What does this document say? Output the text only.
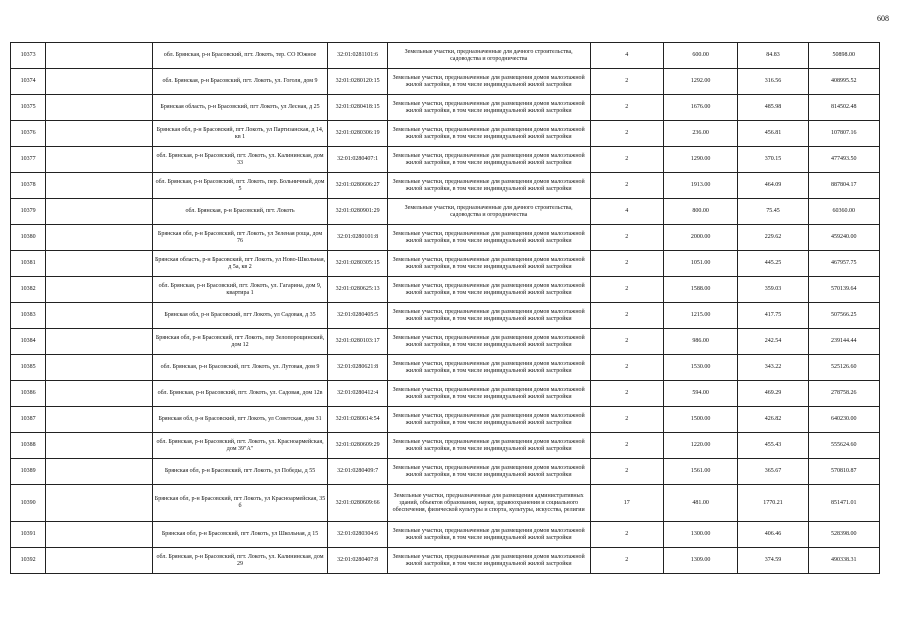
608
10373		обл. Брянская, р-н Брасовский, пгт. Локоть, тер. СО Южное	32:01:0281101:6	Земельные участки, предназначенные для дачного строительства, садоводства и огородничества	4	600.00	84.83	50898.00
10374		обл. Брянская, р-н Брасовский, пгт. Локоть, ул. Гоголя, дом 9	32:01:0280120:15	Земельные участки, предназначенные для размещения домов малоэтажной жилой застройки, в том числе индивидуальной жилой застройки	2	1292.00	316.56	408995.52
10375		Брянская область, р-н Брасовский, пгт Локоть, ул Лесная, д 25	32:01:0280418:15	Земельные участки, предназначенные для размещения домов малоэтажной жилой застройки, в том числе индивидуальной жилой застройки	2	1676.00	485.98	814502.48
10376		Брянская обл, р-н Брасовский, пгт Локоть, ул Партизанская, д 14, кв 1	32:01:0280306:19	Земельные участки, предназначенные для размещения домов малоэтажной жилой застройки, в том числе индивидуальной жилой застройки	2	236.00	456.81	107807.16
10377		обл. Брянская, р-н Брасовский, пгт. Локоть, ул. Калининская, дом 33	32:01:0280407:1	Земельные участки, предназначенные для размещения домов малоэтажной жилой застройки, в том числе индивидуальной жилой застройки	2	1290.00	370.15	477493.50
10378		обл. Брянская, р-н Брасовский, пгт. Локоть, пер. Больничный, дом 5	32:01:0280606:27	Земельные участки, предназначенные для размещения домов малоэтажной жилой застройки, в том числе индивидуальной жилой застройки	2	1913.00	464.09	887804.17
10379		обл. Брянская, р-н Брасовский, пгт. Локоть	32:01:0280901:29	Земельные участки, предназначенные для дачного строительства, садоводства и огородничества	4	800.00	75.45	60360.00
10380		Брянская обл, р-н Брасовский, пгт Локоть, ул Зеленая роща, дом 76	32:01:0280101:8	Земельные участки, предназначенные для размещения домов малоэтажной жилой застройки, в том числе индивидуальной жилой застройки	2	2000.00	229.62	459240.00
10381		Брянская область, р-н Брасовский, пгт Локоть, ул Ново-Школьная, д 5а, кв 2	32:01:0280305:15	Земельные участки, предназначенные для размещения домов малоэтажной жилой застройки, в том числе индивидуальной жилой застройки	2	1051.00	445.25	467957.75
10382		обл. Брянская, р-н Брасовский, пгт. Локоть, ул. Гагарина, дом 9, квартира 1	32:01:0280625:13	Земельные участки, предназначенные для размещения домов малоэтажной жилой застройки, в том числе индивидуальной жилой застройки	2	1588.00	359.03	570139.64
10383		Брянская обл, р-н Брасовский, пгт Локоть, ул Садовая, д 35	32:01:0280405:5	Земельные участки, предназначенные для размещения домов малоэтажной жилой застройки, в том числе индивидуальной жилой застройки	2	1215.00	417.75	507566.25
10384		Брянская обл, р-н Брасовский, пгт Локоть, пер Зелопорощинский, дом 12	32:01:0280103:17	Земельные участки, предназначенные для размещения домов малоэтажной жилой застройки, в том числе индивидуальной жилой застройки	2	986.00	242.54	239144.44
10385		обл. Брянская, р-н Брасовский, пгт. Локоть, ул. Лутовая, дом 9	32:01:0280621:8	Земельные участки, предназначенные для размещения домов малоэтажной жилой застройки, в том числе индивидуальной жилой застройки	2	1530.00	343.22	525126.60
10386		обл. Брянская, р-н Брасовский, пгт. Локоть, ул. Садовая, дом 12в	32:01:0280412:4	Земельные участки, предназначенные для размещения домов малоэтажной жилой застройки, в том числе индивидуальной жилой застройки	2	594.00	469.29	278758.26
10387		Брянская обл, р-н Брасовский, пгт Локоть, ул Советская, дом 31	32:01:0280614:54	Земельные участки, предназначенные для размещения домов малоэтажной жилой застройки, в том числе индивидуальной жилой застройки	2	1500.00	426.82	640230.00
10388		обл. Брянская, р-н Брасовский, пгт. Локоть, ул. Красноармейская, дом 39"А"	32:01:0280609:29	Земельные участки, предназначенные для размещения домов малоэтажной жилой застройки, в том числе индивидуальной жилой застройки	2	1220.00	455.43	555624.60
10389		Брянская обл, р-н Брасовский, пгт Локоть, ул Победы, д 55	32:01:0280409:7	Земельные участки, предназначенные для размещения домов малоэтажной жилой застройки, в том числе индивидуальной жилой застройки	2	1561.00	365.67	570810.87
10390		Брянская обл, р-н Брасовский, пгт Локоть, ул Красноармейская, 35 б	32:01:0280609:66	Земельные участки, предназначенные для размещения административных зданий, объектов образования, науки, здравоохранения и социального обеспечения, физической культуры и спорта, культуры, искусства, религии	17	481.00	1770.21	851471.01
10391		Брянская обл, р-н Брасовский, пгт Локоть, ул Школьная, д 15	32:01:0280304:6	Земельные участки, предназначенные для размещения домов малоэтажной жилой застройки, в том числе индивидуальной жилой застройки	2	1300.00	406.46	528398.00
10392		обл. Брянская, р-н Брасовский, пгт. Локоть, ул. Калининская, дом 29	32:01:0280407:8	Земельные участки, предназначенные для размещения домов малоэтажной жилой застройки, в том числе индивидуальной жилой застройки	2	1309.00	374.59	490338.31
